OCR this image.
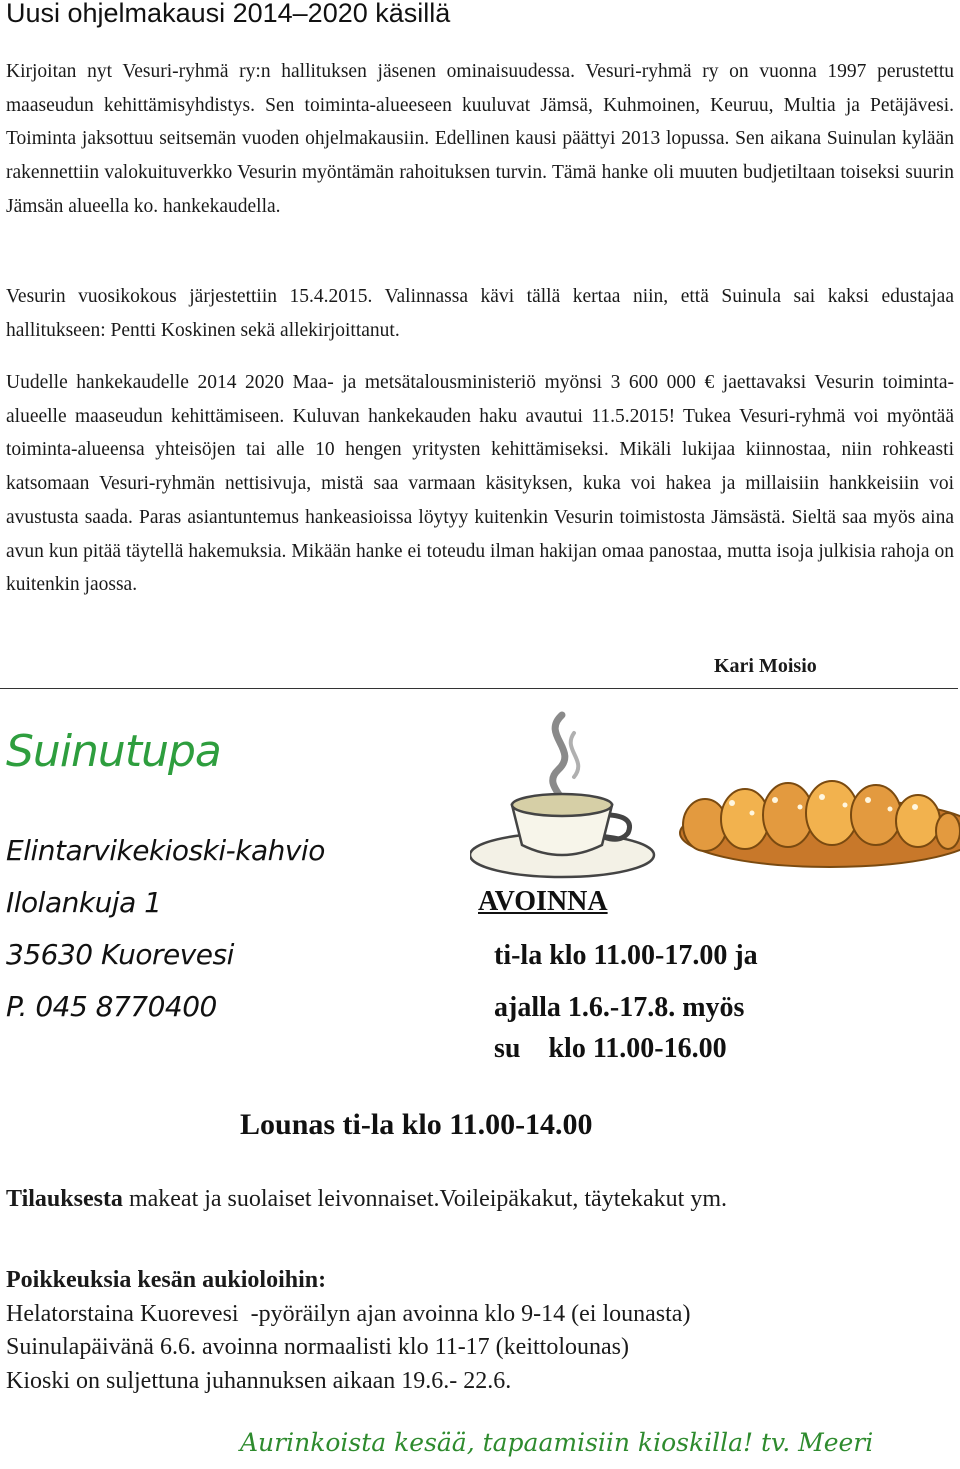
Uusi ohjelmakausi 2014–2020 käsillä

Kirjoitan nyt Vesuri-ryhmä ry:n hallituksen jäsenen ominaisuudessa. Vesuri-ryhmä ry on vuonna 1997 perustettu maaseudun kehittämisyhdistys. Sen toiminta-alueeseen kuuluvat Jämsä, Kuhmoinen, Keuruu, Multia ja Petäjävesi. Toiminta jaksottuu seitsemän vuoden ohjelmakausiin. Edellinen kausi päättyi 2013 lopussa. Sen aikana Suinulan kylään rakennettiin valokuituverkko Vesurin myöntämän rahoituksen turvin. Tämä hanke oli muuten budjetiltaan toiseksi suurin Jämsän alueella ko. hankekaudella.

Vesurin vuosikokous järjestettiin 15.4.2015. Valinnassa kävi tällä kertaa niin, että Suinula sai kaksi edustajaa hallitukseen: Pentti Koskinen sekä allekirjoittanut.

Uudelle hankekaudelle 2014 2020 Maa- ja metsätalousministeriö myönsi 3 600 000 € jaettavaksi Vesurin toiminta-alueelle maaseudun kehittämiseen. Kuluvan hankekauden haku avautui 11.5.2015! Tukea Vesuri-ryhmä voi myöntää toiminta-alueensa yhteisöjen tai alle 10 hengen yritysten kehittämiseksi. Mikäli lukijaa kiinnostaa, niin rohkeasti katsomaan Vesuri-ryhmän nettisivuja, mistä saa varmaan käsityksen, kuka voi hakea ja millaisiin hankkeisiin voi avustusta saada. Paras asiantuntemus hankeasioissa löytyy kuitenkin Vesurin toimistosta Jämsästä. Sieltä saa myös aina avun kun pitää täytellä hakemuksia. Mikään hanke ei toteudu ilman hakijan omaa panostaa, mutta isoja julkisia rahoja on kuitenkin jaossa.

Kari Moisio
Suinutupa
Elintarvikekioski-kahvio
Ilolankuja 1
35630 Kuorevesi
P. 045 8770400
AVOINNA
ti-la klo 11.00-17.00 ja
ajalla 1.6.-17.8. myös
su    klo 11.00-16.00
Lounas ti-la klo 11.00-14.00
Tilauksesta makeat ja suolaiset leivonnaiset.Voileipäkakut, täytekakut ym.
Poikkeuksia kesän aukioloihin:
Helatorstaina Kuorevesi  -pyöräilyn ajan avoinna klo 9-14 (ei lounasta)
Suinulapäivänä 6.6. avoinna normaalisti klo 11-17 (keittolounas)
Kioski on suljettuna juhannuksen aikaan 19.6.- 22.6.
Aurinkoista kesää, tapaamisiin kioskilla! tv. Meeri
